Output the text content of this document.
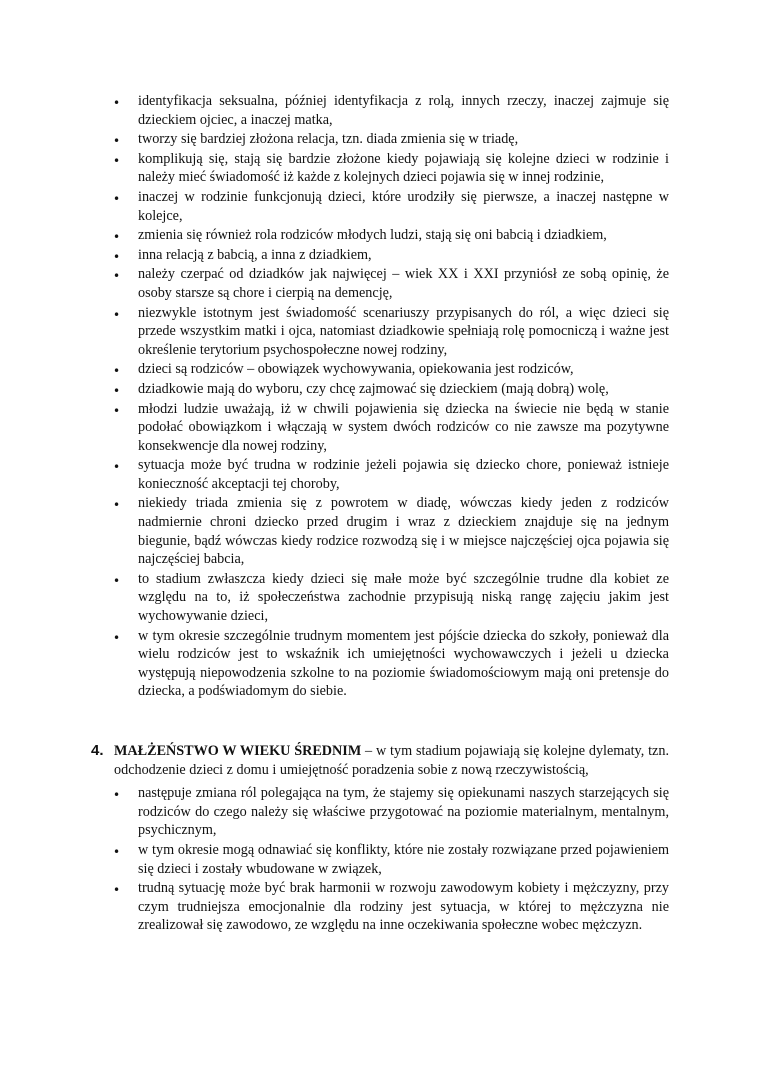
• identyfikacja seksualna, później identyfikacja z rolą, innych rzeczy, inaczej zajmuje się dzieckiem ojciec, a inaczej matka,
• tworzy się bardziej złożona relacja, tzn. diada zmienia się w triadę,
• komplikują się, stają się bardzie złożone kiedy pojawiają się kolejne dzieci w rodzinie i należy mieć świadomość iż każde z kolejnych dzieci pojawia się w innej rodzinie,
• inaczej w rodzinie funkcjonują dzieci, które urodziły się pierwsze, a inaczej następne w kolejce,
• zmienia się również rola rodziców młodych ludzi, stają się oni babcią i dziadkiem,
• inna relacją z babcią, a inna z dziadkiem,
• należy czerpać od dziadków jak najwięcej – wiek XX i XXI przyniósł ze sobą opinię, że osoby starsze są chore i cierpią na demencję,
• niezwykle istotnym jest świadomość scenariuszy przypisanych do ról, a więc dzieci się przede wszystkim matki i ojca, natomiast dziadkowie spełniają rolę pomocniczą i ważne jest określenie terytorium psychospołeczne nowej rodziny,
• dzieci są rodziców – obowiązek wychowywania, opiekowania jest rodziców,
• dziadkowie mają do wyboru, czy chcę zajmować się dzieckiem (mają dobrą) wolę,
• młodzi ludzie uważają, iż w chwili pojawienia się dziecka na świecie nie będą w stanie podołać obowiązkom i włączają w system dwóch rodziców co nie zawsze ma pozytywne konsekwencje dla nowej rodziny,
• sytuacja może być trudna w rodzinie jeżeli pojawia się dziecko chore, ponieważ istnieje konieczność akceptacji tej choroby,
• niekiedy triada zmienia się z powrotem w diadę, wówczas kiedy jeden z rodziców nadmiernie chroni dziecko przed drugim i wraz z dzieckiem znajduje się na jednym biegunie, bądź wówczas kiedy rodzice rozwodzą się i w miejsce najczęściej ojca pojawia się najczęściej babcia,
• to stadium zwłaszcza kiedy dzieci się małe może być szczególnie trudne dla kobiet ze względu na to, iż społeczeństwa zachodnie przypisują niską rangę zajęciu jakim jest wychowywanie dzieci,
• w tym okresie szczególnie trudnym momentem jest pójście dziecka do szkoły, ponieważ dla wielu rodziców jest to wskaźnik ich umiejętności wychowawczych i jeżeli u dziecka występują niepowodzenia szkolne to na poziomie świadomościowym mają oni pretensje do dziecka, a podświadomym do siebie.
4. MAŁŻEŃSTWO W WIEKU ŚREDNIM – w tym stadium pojawiają się kolejne dylematy, tzn. odchodzenie dzieci z domu i umiejętność poradzenia sobie z nową rzeczywistością,
• następuje zmiana ról polegająca na tym, że stajemy się opiekunami naszych starzejących się rodziców do czego należy się właściwe przygotować na poziomie materialnym, mentalnym, psychicznym,
• w tym okresie mogą odnawiać się konflikty, które nie zostały rozwiązane przed pojawieniem się dzieci i zostały wbudowane w związek,
• trudną sytuację może być brak harmonii w rozwoju zawodowym kobiety i mężczyzny, przy czym trudniejsza emocjonalnie dla rodziny jest sytuacja, w której to mężczyzna nie zrealizował się zawodowo, ze względu na inne oczekiwania społeczne wobec mężczyzn.
